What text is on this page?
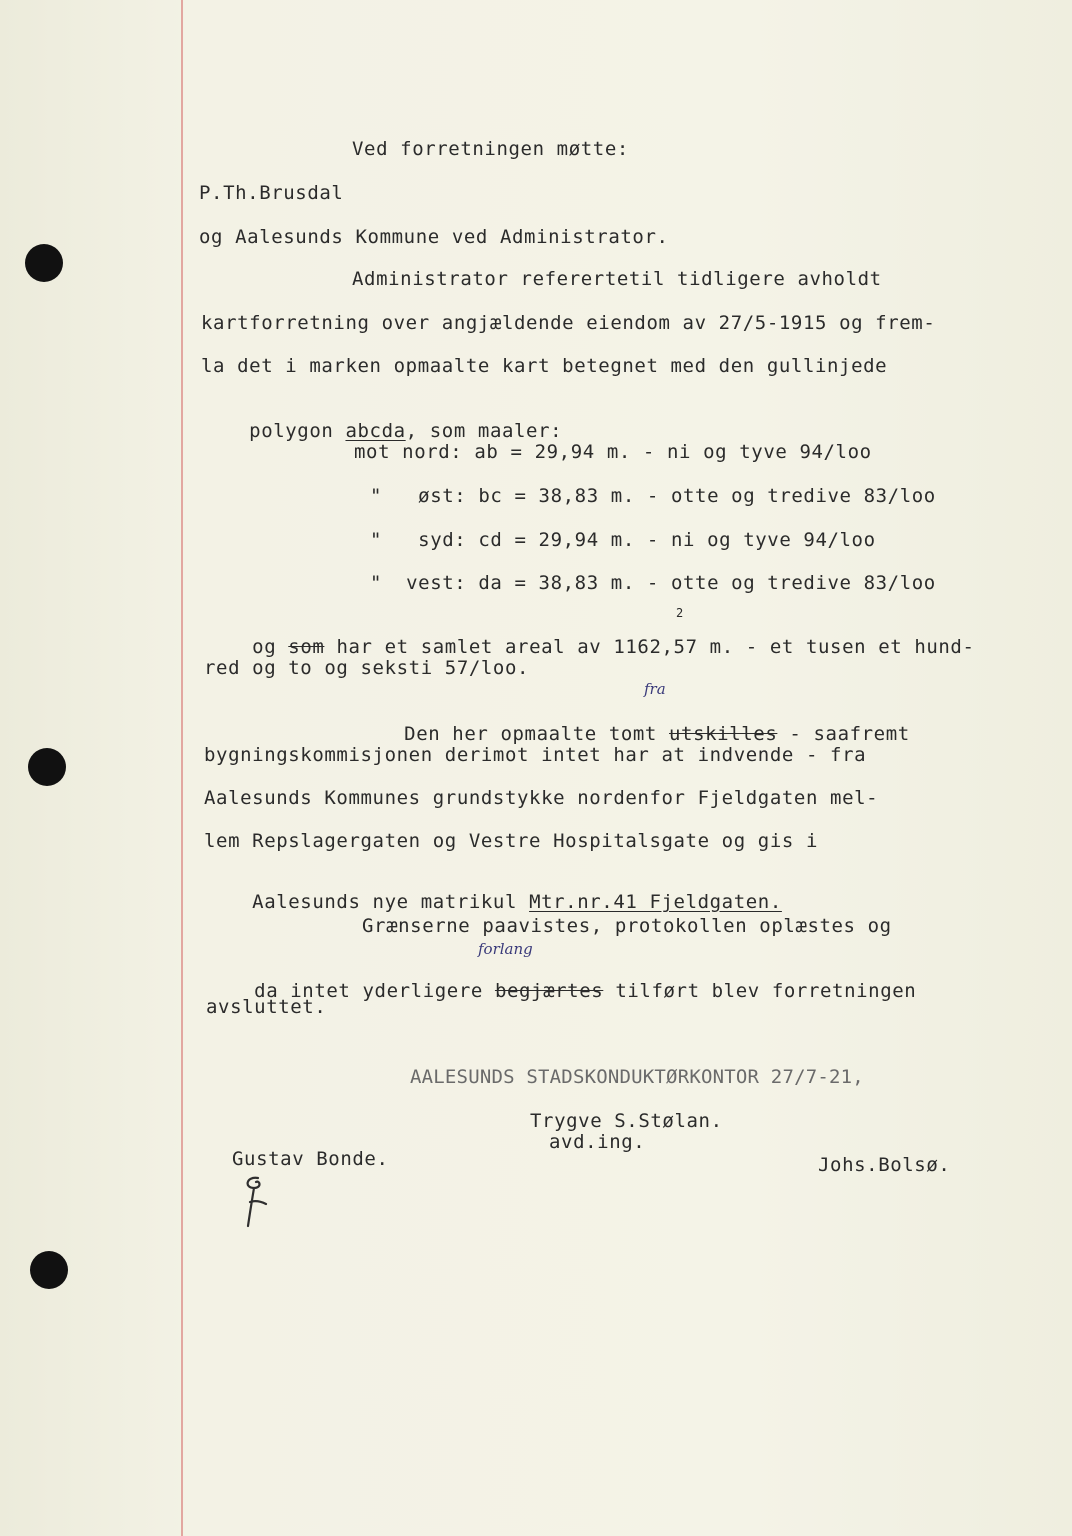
Ved forretningen møtte:
P.Th.Brusdal
og Aalesunds Kommune ved Administrator.
Administrator referertetil tidligere avholdt
kartforretning over angjældende eiendom av 27/5-1915 og frem-
la det i marken opmaalte kart betegnet med den gullinjede

polygon abcda, som maaler:

mot nord: ab = 29,94 m. - ni og tyve 94/loo
"   øst: bc = 38,83 m. - otte og tredive 83/loo
"   syd: cd = 29,94 m. - ni og tyve 94/loo
"  vest: da = 38,83 m. - otte og tredive 83/loo

og som har et samlet areal av 1162,57 m. - et tusen et hund-

2
red og to og seksti 57/loo.
fra

Den her opmaalte tomt utskilles - saafremt

bygningskommisjonen derimot intet har at indvende - fra
Aalesunds Kommunes grundstykke nordenfor Fjeldgaten mel-
lem Repslagergaten og Vestre Hospitalsgate og gis i

Aalesunds nye matrikul Mtr.nr.41 Fjeldgaten.

Grænserne paavistes, protokollen oplæstes og
forlang

da intet yderligere begjærtes tilført blev forretningen

avsluttet.
AALESUNDS STADSKONDUKTØRKONTOR 27/7-21,
Trygve S.Stølan.
avd.ing.
Gustav Bonde.	Johs.Bolsø.
